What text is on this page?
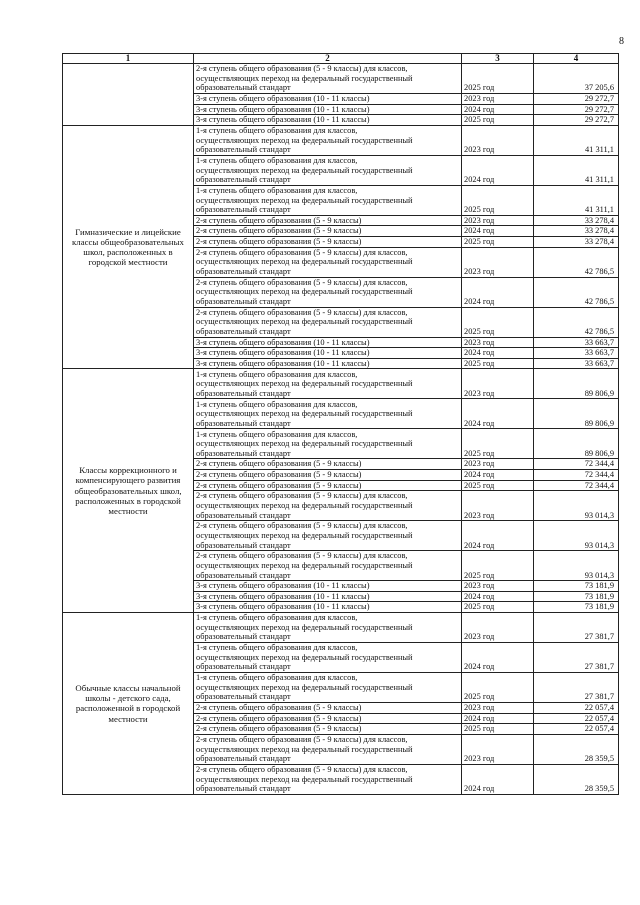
8
1	2	3	4

	2-я ступень общего образования (5 - 9 классы) для классов,
осуществляющих переход на федеральный государственный
образовательный стандарт	2025 год	37 205,6

	3-я ступень общего образования (10 - 11 классы)	2023 год	29 272,7

	3-я ступень общего образования (10 - 11 классы)	2024 год	29 272,7

	3-я ступень общего образования (10 - 11 классы)	2025 год	29 272,7
Гимназические и лицейские классы общеобразовательных школ, расположенных в городской местности	1-я ступень общего образования для классов,
осуществляющих переход на федеральный государственный
образовательный стандарт	2023 год	41 311,1

	1-я ступень общего образования для классов,
осуществляющих переход на федеральный государственный
образовательный стандарт	2024 год	41 311,1

	1-я ступень общего образования для классов,
осуществляющих переход на федеральный государственный
образовательный стандарт	2025 год	41 311,1

	2-я ступень общего образования (5 - 9 классы)	2023 год	33 278,4

	2-я ступень общего образования (5 - 9 классы)	2024 год	33 278,4

	2-я ступень общего образования (5 - 9 классы)	2025 год	33 278,4

	2-я ступень общего образования (5 - 9 классы) для классов,
осуществляющих переход на федеральный государственный
образовательный стандарт	2023 год	42 786,5

	2-я ступень общего образования (5 - 9 классы) для классов,
осуществляющих переход на федеральный государственный
образовательный стандарт	2024 год	42 786,5

	2-я ступень общего образования (5 - 9 классы) для классов,
осуществляющих переход на федеральный государственный
образовательный стандарт	2025 год	42 786,5

	3-я ступень общего образования (10 - 11 классы)	2023 год	33 663,7

	3-я ступень общего образования (10 - 11 классы)	2024 год	33 663,7

	3-я ступень общего образования (10 - 11 классы)	2025 год	33 663,7
Классы коррекционного и компенсирующего развития общеобразовательных школ, расположенных в городской местности	1-я ступень общего образования для классов,
осуществляющих переход на федеральный государственный
образовательный стандарт	2023 год	89 806,9

	1-я ступень общего образования для классов,
осуществляющих переход на федеральный государственный
образовательный стандарт	2024 год	89 806,9

	1-я ступень общего образования для классов,
осуществляющих переход на федеральный государственный
образовательный стандарт	2025 год	89 806,9

	2-я ступень общего образования (5 - 9 классы)	2023 год	72 344,4

	2-я ступень общего образования (5 - 9 классы)	2024 год	72 344,4

	2-я ступень общего образования (5 - 9 классы)	2025 год	72 344,4

	2-я ступень общего образования (5 - 9 классы) для классов,
осуществляющих переход на федеральный государственный
образовательный стандарт	2023 год	93 014,3

	2-я ступень общего образования (5 - 9 классы) для классов,
осуществляющих переход на федеральный государственный
образовательный стандарт	2024 год	93 014,3

	2-я ступень общего образования (5 - 9 классы) для классов,
осуществляющих переход на федеральный государственный
образовательный стандарт	2025 год	93 014,3

	3-я ступень общего образования (10 - 11 классы)	2023 год	73 181,9

	3-я ступень общего образования (10 - 11 классы)	2024 год	73 181,9

	3-я ступень общего образования (10 - 11 классы)	2025 год	73 181,9
Обычные классы начальной школы - детского сада, расположенной в городской местности	1-я ступень общего образования для классов,
осуществляющих переход на федеральный государственный
образовательный стандарт	2023 год	27 381,7

	1-я ступень общего образования для классов,
осуществляющих переход на федеральный государственный
образовательный стандарт	2024 год	27 381,7

	1-я ступень общего образования для классов,
осуществляющих переход на федеральный государственный
образовательный стандарт	2025 год	27 381,7

	2-я ступень общего образования (5 - 9 классы)	2023 год	22 057,4

	2-я ступень общего образования (5 - 9 классы)	2024 год	22 057,4

	2-я ступень общего образования (5 - 9 классы)	2025 год	22 057,4

	2-я ступень общего образования (5 - 9 классы) для классов,
осуществляющих переход на федеральный государственный
образовательный стандарт	2023 год	28 359,5

	2-я ступень общего образования (5 - 9 классы) для классов,
осуществляющих переход на федеральный государственный
образовательный стандарт	2024 год	28 359,5
